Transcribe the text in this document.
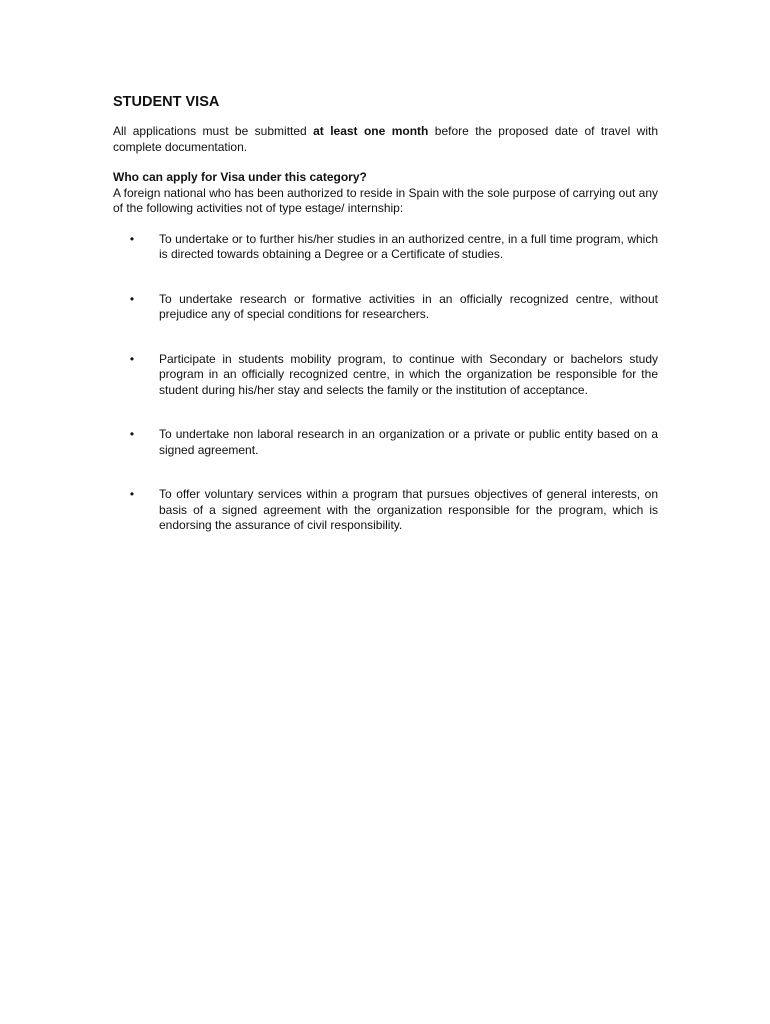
STUDENT VISA

All applications must be submitted at least one month before the proposed date of travel with complete documentation.

Who can apply for Visa under this category?

A foreign national who has been authorized to reside in Spain with the sole purpose of carrying out any of the following activities not of type estage/ internship:

• To undertake or to further his/her studies in an authorized centre, in a full time program, which is directed towards obtaining a Degree or a Certificate of studies.
• To undertake research or formative activities in an officially recognized centre, without prejudice any of special conditions for researchers.
• Participate in students mobility program, to continue with Secondary or bachelors study program in an officially recognized centre, in which the organization be responsible for the student during his/her stay and selects the family or the institution of acceptance.
• To undertake non laboral research in an organization or a private or public entity based on a signed agreement.
• To offer voluntary services within a program that pursues objectives of general interests, on basis of a signed agreement with the organization responsible for the program, which is endorsing the assurance of civil responsibility.
